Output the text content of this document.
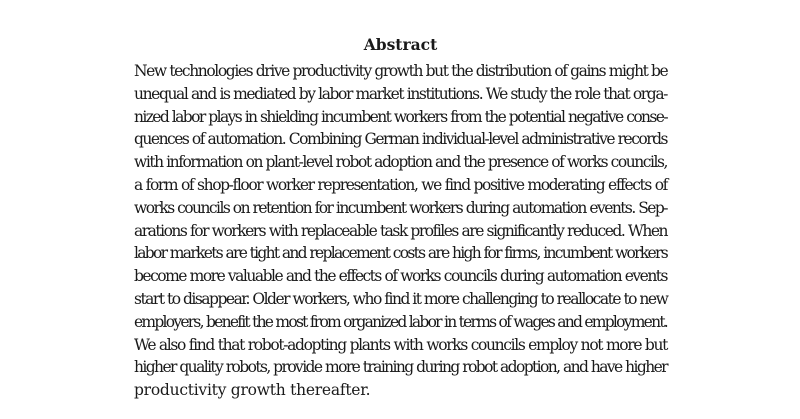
Abstract
New technologies drive productivity growth but the distribution of gains might be
unequal and is mediated by labor market institutions. We study the role that orga-
nized labor plays in shielding incumbent workers from the potential negative conse-
quences of automation. Combining German individual-level administrative records
with information on plant-level robot adoption and the presence of works councils,
a form of shop-floor worker representation, we find positive moderating effects of
works councils on retention for incumbent workers during automation events. Sep-
arations for workers with replaceable task profiles are significantly reduced. When
labor markets are tight and replacement costs are high for firms, incumbent workers
become more valuable and the effects of works councils during automation events
start to disappear. Older workers, who find it more challenging to reallocate to new
employers, benefit the most from organized labor in terms of wages and employment.
We also find that robot-adopting plants with works councils employ not more but
higher quality robots, provide more training during robot adoption, and have higher
productivity growth thereafter.
